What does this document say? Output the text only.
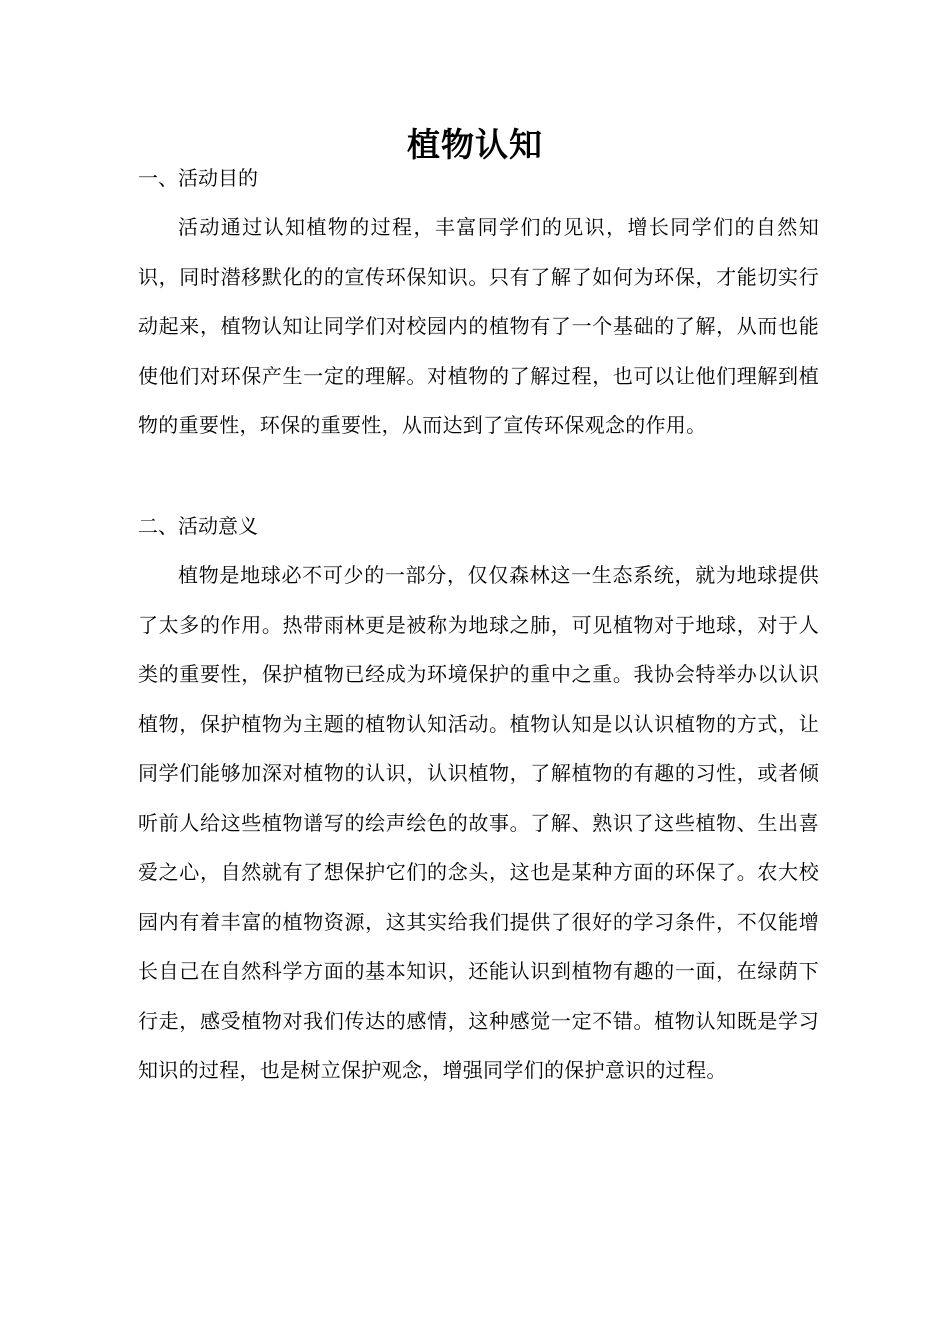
植物认知
一、活动目的

活动通过认知植物的过程，丰富同学们的见识，增长同学们的自然知识，同时潜移默化的的宣传环保知识。只有了解了如何为环保，才能切实行动起来，植物认知让同学们对校园内的植物有了一个基础的了解，从而也能使他们对环保产生一定的理解。对植物的了解过程，也可以让他们理解到植物的重要性，环保的重要性，从而达到了宣传环保观念的作用。

二、活动意义

植物是地球必不可少的一部分，仅仅森林这一生态系统，就为地球提供了太多的作用。热带雨林更是被称为地球之肺，可见植物对于地球，对于人类的重要性，保护植物已经成为环境保护的重中之重。我协会特举办以认识植物，保护植物为主题的植物认知活动。植物认知是以认识植物的方式，让同学们能够加深对植物的认识，认识植物，了解植物的有趣的习性，或者倾听前人给这些植物谱写的绘声绘色的故事。了解、熟识了这些植物、生出喜爱之心，自然就有了想保护它们的念头，这也是某种方面的环保了。农大校园内有着丰富的植物资源，这其实给我们提供了很好的学习条件，不仅能增长自己在自然科学方面的基本知识，还能认识到植物有趣的一面，在绿荫下行走，感受植物对我们传达的感情，这种感觉一定不错。植物认知既是学习知识的过程，也是树立保护观念，增强同学们的保护意识的过程。
